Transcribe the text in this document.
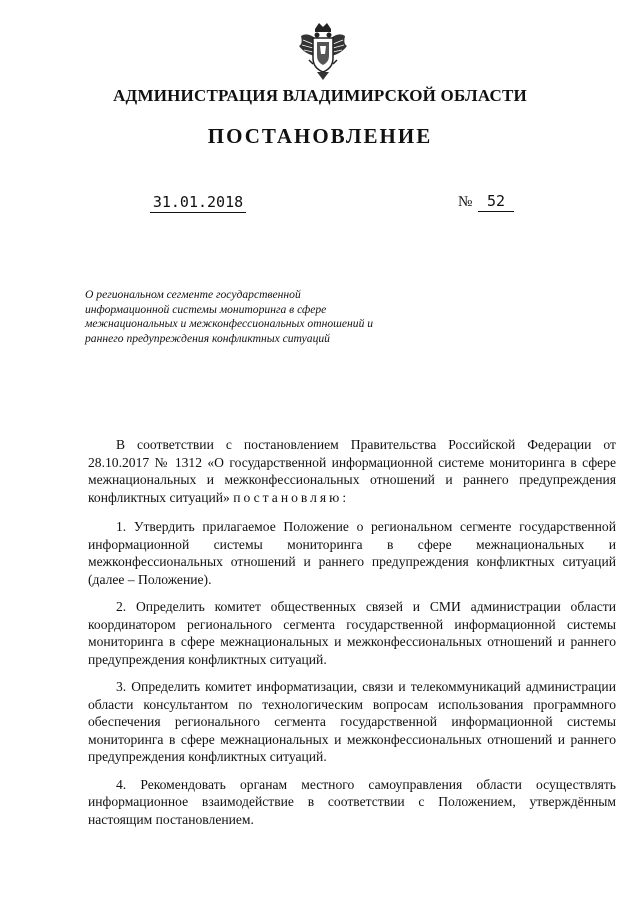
АДМИНИСТРАЦИЯ ВЛАДИМИРСКОЙ ОБЛАСТИ
ПОСТАНОВЛЕНИЕ
31.01.2018	№ 52
О региональном сегменте государственной информационной системы мониторинга в сфере межнациональных и межконфессиональных отношений и раннего предупреждения конфликтных ситуаций

В соответствии с постановлением Правительства Российской Федерации от 28.10.2017 № 1312 «О государственной информационной системе мониторинга в сфере межнациональных и межконфессиональных отношений и раннего предупреждения конфликтных ситуаций» постановляю:

1. Утвердить прилагаемое Положение о региональном сегменте государственной информационной системы мониторинга в сфере межнациональных и межконфессиональных отношений и раннего предупреждения конфликтных ситуаций (далее – Положение).

2. Определить комитет общественных связей и СМИ администрации области координатором регионального сегмента государственной информационной системы мониторинга в сфере межнациональных и межконфессиональных отношений и раннего предупреждения конфликтных ситуаций.

3. Определить комитет информатизации, связи и телекоммуникаций администрации области консультантом по технологическим вопросам использования программного обеспечения регионального сегмента государственной информационной системы мониторинга в сфере межнациональных и межконфессиональных отношений и раннего предупреждения конфликтных ситуаций.

4. Рекомендовать органам местного самоуправления области осуществлять информационное взаимодействие в соответствии с Положением, утверждённым настоящим постановлением.
